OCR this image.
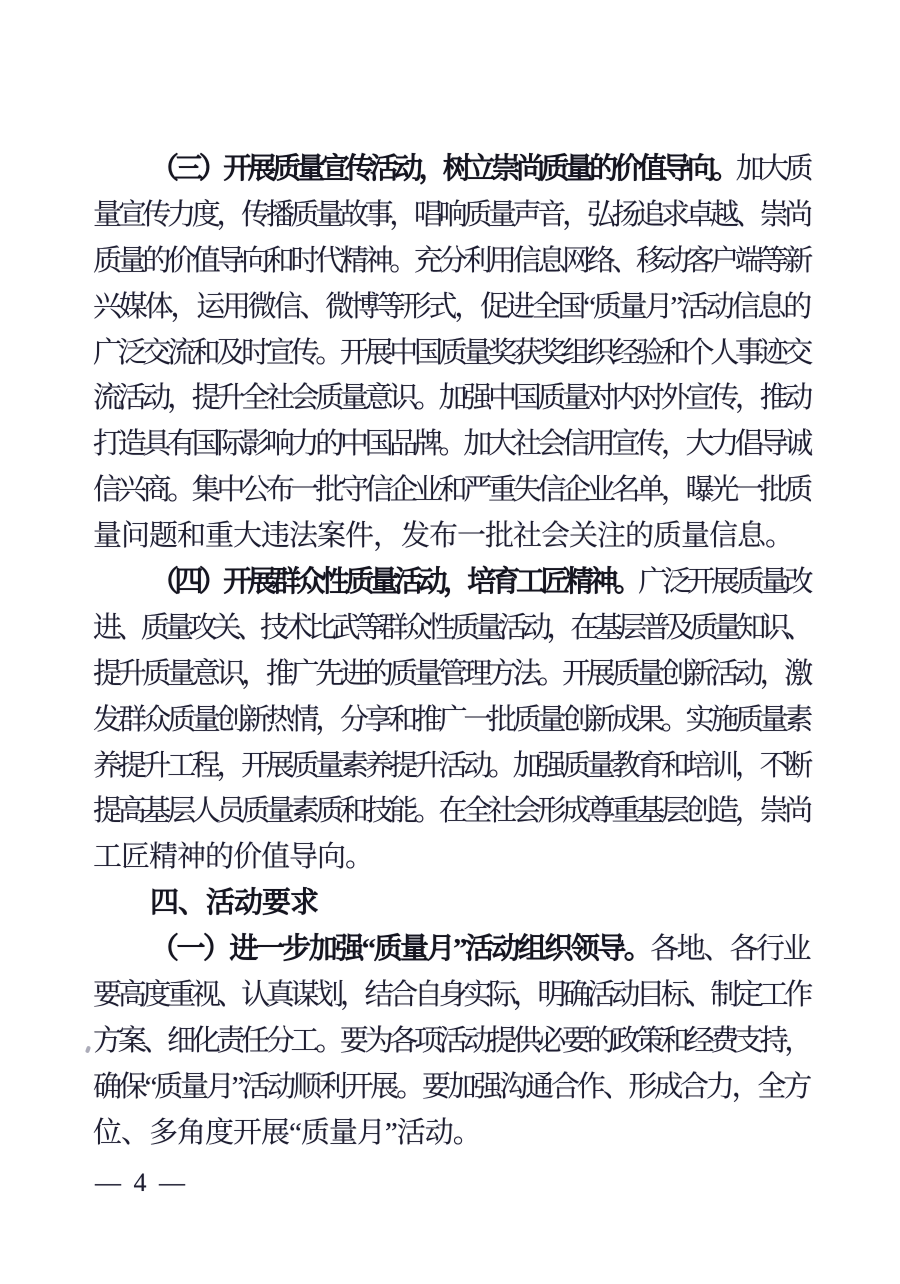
（三）开展质量宣传活动，树立崇尚质量的价值导向。加大质
量宣传力度，传播质量故事，唱响质量声音，弘扬追求卓越、崇尚
质量的价值导向和时代精神。充分利用信息网络、移动客户端等新
兴媒体，运用微信、微博等形式，促进全国“质量月”活动信息的
广泛交流和及时宣传。开展中国质量奖获奖组织经验和个人事迹交
流活动，提升全社会质量意识。加强中国质量对内对外宣传，推动
打造具有国际影响力的中国品牌。加大社会信用宣传，大力倡导诚
信兴商。集中公布一批守信企业和严重失信企业名单，曝光一批质
量问题和重大违法案件，发布一批社会关注的质量信息。
（四）开展群众性质量活动，培育工匠精神。广泛开展质量改
进、质量攻关、技术比武等群众性质量活动，在基层普及质量知识、
提升质量意识，推广先进的质量管理方法。开展质量创新活动，激
发群众质量创新热情，分享和推广一批质量创新成果。实施质量素
养提升工程，开展质量素养提升活动。加强质量教育和培训，不断
提高基层人员质量素质和技能。在全社会形成尊重基层创造，崇尚
工匠精神的价值导向。
四、活动要求
（一）进一步加强“质量月”活动组织领导。各地、各行业
要高度重视、认真谋划，结合自身实际，明确活动目标、制定工作
方案、细化责任分工。要为各项活动提供必要的政策和经费支持，
确保“质量月”活动顺利开展。要加强沟通合作、形成合力，全方
位、多角度开展“质量月”活动。
— 4 —
